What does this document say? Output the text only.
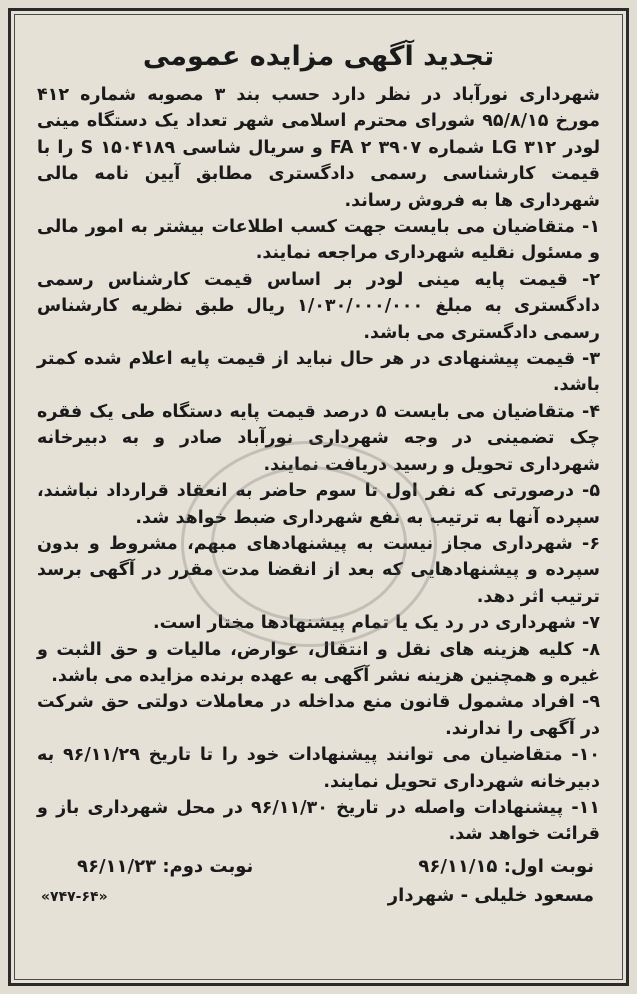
تجدید آگهی مزایده عمومی

شهرداری نورآباد در نظر دارد حسب بند ۳ مصوبه شماره ۴۱۲ مورخ ۹۵/۸/۱۵ شورای محترم اسلامی شهر تعداد یک دستگاه مینی لودر LG ۳۱۲ شماره ۳۹۰۷ FA ۲ و سریال شاسی ۱۵۰۴۱۸۹ S را با قیمت کارشناسی رسمی دادگستری مطابق آیین نامه مالی شهرداری ها به فروش رساند.

۱- متقاضیان می بایست جهت کسب اطلاعات بیشتر به امور مالی و مسئول نقلیه شهرداری مراجعه نمایند.

۲- قیمت پایه مینی لودر بر اساس قیمت کارشناس رسمی دادگستری به مبلغ ۱/۰۳۰/۰۰۰/۰۰۰ ریال طبق نظریه کارشناس رسمی دادگستری می باشد.

۳- قیمت پیشنهادی در هر حال نباید از قیمت پایه اعلام شده کمتر باشد.

۴- متقاضیان می بایست ۵ درصد قیمت پایه دستگاه طی یک فقره چک تضمینی در وجه شهرداری نورآباد صادر و به دبیرخانه شهرداری تحویل و رسید دریافت نمایند.

۵- درصورتی که نفر اول تا سوم حاضر به انعقاد قرارداد نباشند، سپرده آنها به ترتیب به نفع شهرداری ضبط خواهد شد.

۶- شهرداری مجاز نیست به پیشنهادهای مبهم، مشروط و بدون سپرده و پیشنهادهایی که بعد از انقضا مدت مقرر در آگهی برسد ترتیب اثر دهد.

۷- شهرداری در رد یک یا تمام پیشنهادها مختار است.

۸- کلیه هزینه های نقل و انتقال، عوارض، مالیات و حق الثبت و غیره و همچنین هزینه نشر آگهی به عهده برنده مزایده می باشد.

۹- افراد مشمول قانون منع مداخله در معاملات دولتی حق شرکت در آگهی را ندارند.

۱۰- متقاضیان می توانند پیشنهادات خود را تا تاریخ ۹۶/۱۱/۲۹ به دبیرخانه شهرداری تحویل نمایند.

۱۱- پیشنهادات واصله در تاریخ ۹۶/۱۱/۳۰ در محل شهرداری باز و قرائت خواهد شد.

نوبت اول: ۹۶/۱۱/۱۵
نوبت دوم: ۹۶/۱۱/۲۳
مسعود خلیلی - شهردار
«۷۴۷-۶۴»
